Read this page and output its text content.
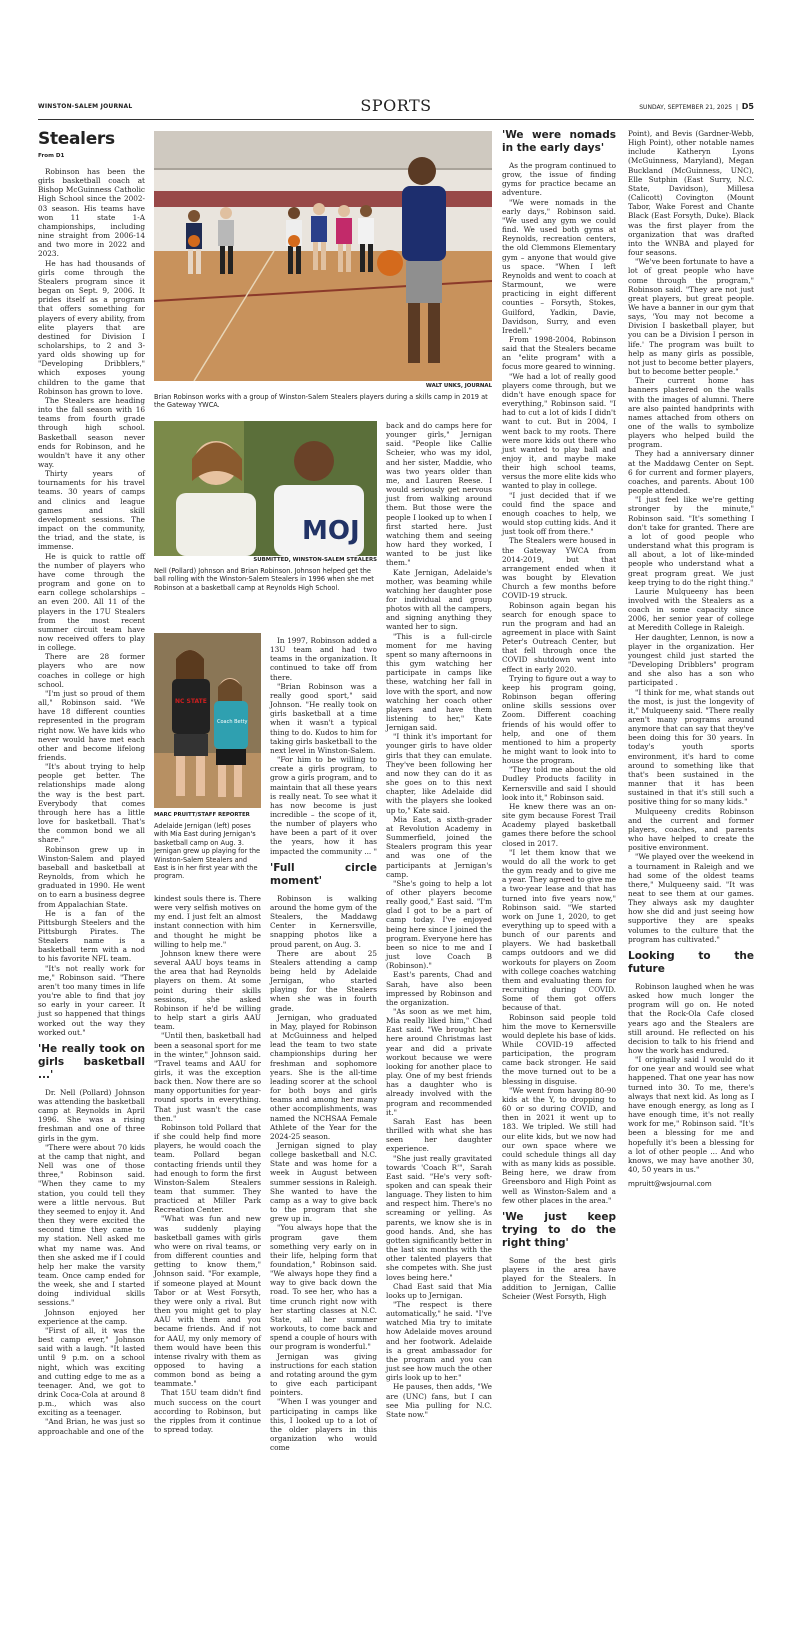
WINSTON-SALEM JOURNAL	SPORTS	SUNDAY, SEPTEMBER 21, 2025  |  D5
Stealers
From D1

Robinson has been the girls basketball coach at Bishop McGuinness Catholic High School since the 2002-03 season. His teams have won 11 state 1-A championships, including nine straight from 2006-14 and two more in 2022 and 2023.

He has had thousands of girls come through the Stealers program since it began on Sept. 9, 2006. It prides itself as a program that offers something for players of every ability, from elite players that are destined for Division I scholarships, to 2 and 3-yard olds showing up for "Developing Dribblers," which exposes young children to the game that Robinson has grown to love.

The Stealers are heading into the fall season with 16 teams from fourth grade through high school. Basketball season never ends for Robinson, and he wouldn't have it any other way.

Thirty years of tournaments for his travel teams. 30 years of camps and clinics and league games and skill development sessions. The impact on the community, the triad, and the state, is immense.

He is quick to rattle off the number of players who have come through the program and gone on to earn college scholarships – an even 200. All 11 of the players in the 17U Stealers from the most recent summer circuit team have now received offers to play in college.

There are 28 former players who are now coaches in college or high school.

"I'm just so proud of them all," Robinson said. "We have 18 different counties represented in the program right now. We have kids who never would have met each other and become lifelong friends.

"It's about trying to help people get better. The relationships made along the way is the best part. Everybody that comes through here has a little love for basketball. That's the common bond we all share."

Robinson grew up in Winston-Salem and played baseball and basketball at Reynolds, from which he graduated in 1990. He went on to earn a business degree from Appalachian State.

He is a fan of the Pittsburgh Steelers and the Pittsburgh Pirates. The Stealers name is a basketball term with a nod to his favorite NFL team.

"It's not really work for me," Robinson said. "There aren't too many times in life you're able to find that joy so early in your career. It just so happened that things worked out the way they worked out."

'He really took on girls basketball ...'

Dr. Nell (Pollard) Johnson was attending the basketball camp at Reynolds in April 1996. She was a rising freshman and one of three girls in the gym.

"There were about 70 kids at the camp that night, and Nell was one of those three," Robinson said. "When they came to my station, you could tell they were a little nervous. But they seemed to enjoy it. And then they were excited the second time they came to my station. Nell asked me what my name was. And then she asked me if I could help her make the varsity team. Once camp ended for the week, she and I started doing individual skills sessions."

Johnson enjoyed her experience at the camp.

"First of all, it was the best camp ever," Johnson said with a laugh. "It lasted until 9 p.m. on a school night, which was exciting and cutting edge to me as a teenager. And, we got to drink Coca-Cola at around 8 p.m., which was also exciting as a teenager.

"And Brian, he was just so approachable and one of the

WALT UNKS, JOURNAL
Brian Robinson works with a group of Winston-Salem Stealers players during a skills camp in 2019 at the Gateway YWCA.
MOJ
SUBMITTED, WINSTON-SALEM STEALERS
Nell (Pollard) Johnson and Brian Robinson. Johnson helped get the ball rolling with the Winston-Salem Stealers in 1996 when she met Robinson at a basketball camp at Reynolds High School.
NC STATE
Coach Betty
MARC PRUITT/STAFF REPORTER
Adelaide Jernigan (left) poses with Mia East during Jernigan's basketball camp on Aug. 3. Jernigan grew up playing for the Winston-Salem Stealers and East is in her first year with the program.

kindest souls there is. There were very selfish motives on my end. I just felt an almost instant connection with him and thought he might be willing to help me."

Johnson knew there were several AAU boys teams in the area that had Reynolds players on them. At some point during their skills sessions, she asked Robinson if he'd be willing to help start a girls AAU team.

"Until then, basketball had been a seasonal sport for me in the winter," Johnson said. "Travel teams and AAU for girls, it was the exception back then. Now there are so many opportunities for year-round sports in everything. That just wasn't the case then."

Robinson told Pollard that if she could help find more players, he would coach the team. Pollard began contacting friends until they had enough to form the first Winston-Salem Stealers team that summer. They practiced at Miller Park Recreation Center.

"What was fun and new was suddenly playing basketball games with girls who were on rival teams, or from different counties and getting to know them," Johnson said. "For example, if someone played at Mount Tabor or at West Forsyth, they were only a rival. But then you might get to play AAU with them and you became friends. And if not for AAU, my only memory of them would have been this intense rivalry with them as opposed to having a common bond as being a teammate."

That 15U team didn't find much success on the court according to Robinson, but the ripples from it continue to spread today.

In 1997, Robinson added a 13U team and had two teams in the organization. It continued to take off from there.

"Brian Robinson was a really good sport," said Johnson. "He really took on girls basketball at a time when it wasn't a typical thing to do. Kudos to him for taking girls basketball to the next level in Winston-Salem.

"For him to be willing to create a girls program, to grow a girls program, and to maintain that all these years is really neat. To see what it has now become is just incredible – the scope of it, the number of players who have been a part of it over the years, how it has impacted the community ... "

'Full circle moment'

Robinson is walking around the home gym of the Stealers, the Maddawg Center in Kernersville, snapping photos like a proud parent, on Aug. 3.

There are about 25 Stealers attending a camp being held by Adelaide Jernigan, who started playing for the Stealers when she was in fourth grade.

Jernigan, who graduated in May, played for Robinson at McGuinness and helped lead the team to two state championships during her freshman and sophomore years. She is the all-time leading scorer at the school for both boys and girls teams and among her many other accomplishments, was named the NCHSAA Female Athlete of the Year for the 2024-25 season.

Jernigan signed to play college basketball and N.C. State and was home for a week in August between summer sessions in Raleigh. She wanted to have the camp as a way to give back to the program that she grew up in.

"You always hope that the program gave them something very early on in their life, helping form that foundation," Robinson said. "We always hope they find a way to give back down the road. To see her, who has a time crunch right now with her starting classes at N.C. State, all her summer workouts, to come back and spend a couple of hours with our program is wonderful."

Jernigan was giving instructions for each station and rotating around the gym to give each participant pointers.

"When I was younger and participating in camps like this, I looked up to a lot of the older players in this organization who would come

back and do camps here for younger girls," Jernigan said. "People like Callie Scheier, who was my idol, and her sister, Maddie, who was two years older than me, and Lauren Reese. I would seriously get nervous just from walking around them. But those were the people I looked up to when I first started here. Just watching them and seeing how hard they worked, I wanted to be just like them."

Kate Jernigan, Adelaide's mother, was beaming while watching her daughter pose for individual and group photos with all the campers, and signing anything they wanted her to sign.

"This is a full-circle moment for me having spent so many afternoons in this gym watching her participate in camps like these, watching her fall in love with the sport, and now watching her coach other players and have them listening to her," Kate Jernigan said.

"I think it's important for younger girls to have older girls that they can emulate. They've been following her and now they can do it as she goes on to this next chapter, like Adelaide did with the players she looked up to," Kate said.

Mia East, a sixth-grader at Revolution Academy in Summerfield, joined the Stealers program this year and was one of the participants at Jernigan's camp.

"She's going to help a lot of other players become really good," East said. "I'm glad I got to be a part of camp today. I've enjoyed being here since I joined the program. Everyone here has been so nice to me and I just love Coach B (Robinson)."

East's parents, Chad and Sarah, have also been impressed by Robinson and the organization.

"As soon as we met him, Mia really liked him," Chad East said. "We brought her here around Christmas last year and did a private workout because we were looking for another place to play. One of my best friends has a daughter who is already involved with the program and recommended it."

Sarah East has been thrilled with what she has seen her daughter experience.

"She just really gravitated towards 'Coach R'", Sarah East said. "He's very soft-spoken and can speak their language. They listen to him and respect him. There's no screaming or yelling. As parents, we know she is in good hands. And, she has gotten significantly better in the last six months with the other talented players that she competes with. She just loves being here."

Chad East said that Mia looks up to Jernigan.

"The respect is there automatically," he said. "I've watched Mia try to imitate how Adelaide moves around and her footwork. Adelaide is a great ambassador for the program and you can just see how much the other girls look up to her."

He pauses, then adds, "We are (UNC) fans, but I can see Mia pulling for N.C. State now."

'We were nomads in the early days'

As the program continued to grow, the issue of finding gyms for practice became an adventure.

"We were nomads in the early days," Robinson said. "We used any gym we could find. We used both gyms at Reynolds, recreation centers, the old Clemmons Elementary gym – anyone that would give us space. "When I left Reynolds and went to coach at Starmount, we were practicing in eight different counties – Forsyth, Stokes, Guilford, Yadkin, Davie, Davidson, Surry, and even Iredell."

From 1998-2004, Robinson said that the Stealers became an "elite program" with a focus more geared to winning.

"We had a lot of really good players come through, but we didn't have enough space for everything," Robinson said. "I had to cut a lot of kids I didn't want to cut. But in 2004, I went back to my roots. There were more kids out there who just wanted to play ball and enjoy it, and maybe make their high school teams, versus the more elite kids who wanted to play in college.

"I just decided that if we could find the space and enough coaches to help, we would stop cutting kids. And it just took off from there."

The Stealers were housed in the Gateway YWCA from 2014-2019, but that arrangement ended when it was bought by Elevation Church a few months before COVID-19 struck.

Robinson again began his search for enough space to run the program and had an agreement in place with Saint Peter's Outreach Center, but that fell through once the COVID shutdown went into effect in early 2020.

Trying to figure out a way to keep his program going, Robinson began offering online skills sessions over Zoom. Different coaching friends of his would offer to help, and one of them mentioned to him a property he might want to look into to house the program.

"They told me about the old Dudley Products facility in Kernersville and said I should look into it," Robinson said.

He knew there was an on-site gym because Forest Trail Academy played basketball games there before the school closed in 2017.

"I let them know that we would do all the work to get the gym ready and to give me a year. They agreed to give me a two-year lease and that has turned into five years now," Robinson said. "We started work on June 1, 2020, to get everything up to speed with a bunch of our parents and players. We had basketball camps outdoors and we did workouts for players on Zoom with college coaches watching them and evaluating them for recruiting during COVID. Some of them got offers because of that.

Robinson said people told him the move to Kernersville would deplete his base of kids. While COVID-19 affected participation, the program came back stronger. He said the move turned out to be a blessing in disguise.

"We went from having 80-90 kids at the Y, to dropping to 60 or so during COVID, and then in 2021 it went up to 183. We tripled. We still had our elite kids, but we now had our own space where we could schedule things all day with as many kids as possible. Being here, we draw from Greensboro and High Point as well as Winston-Salem and a few other places in the area."

'We just keep trying to do the right thing'

Some of the best girls players in the area have played for the Stealers. In addition to Jernigan, Callie Scheier (West Forsyth, High

Point), and Bevis (Gardner-Webb, High Point), other notable names include Katheryn Lyons (McGuinness, Maryland), Megan Buckland (McGuinness, UNC), Elle Sutphin (East Surry, N.C. State, Davidson), Millesa (Calicott) Covington (Mount Tabor, Wake Forest and Chante Black (East Forsyth, Duke). Black was the first player from the organization that was drafted into the WNBA and played for four seasons.

"We've been fortunate to have a lot of great people who have come through the program," Robinson said. "They are not just great players, but great people. We have a banner in our gym that says, 'You may not become a Division I basketball player, but you can be a Division I person in life.' The program was built to help as many girls as possible, not just to become better players, but to become better people."

Their current home has banners plastered on the walls with the images of alumni. There are also painted handprints with names attached from others on one of the walls to symbolize players who helped build the program.

They had a anniversary dinner at the Maddawg Center on Sept. 6 for current and former players, coaches, and parents. About 100 people attended.

"I just feel like we're getting stronger by the minute," Robinson said. "It's something I don't take for granted. There are a lot of good people who understand what this program is all about, a lot of like-minded people who understand what a great program great. We just keep trying to do the right thing."

Laurie Mulqueeny has been involved with the Stealers as a coach in some capacity since 2006, her senior year of college at Meredith College in Raleigh.

Her daughter, Lennon, is now a player in the organization. Her youngest child just started the "Developing Dribblers" program and she also has a son who participated .

"I think for me, what stands out the most, is just the longevity of it," Mulqueeny said. "There really aren't many programs around anymore that can say that they've been doing this for 30 years. In today's youth sports environment, it's hard to come around to something like that that's been sustained in the manner that it has been sustained in that it's still such a positive thing for so many kids."

Mulqueeny credits Robinson and the current and former players, coaches, and parents who have helped to create the positive environment.

"We played over the weekend in a tournament in Raleigh and we had some of the oldest teams there," Mulqueeny said. "It was neat to see them at our games. They always ask my daughter how she did and just seeing how supportive they are speaks volumes to the culture that the program has cultivated."

Looking to the future

Robinson laughed when he was asked how much longer the program will go on. He noted that the Rock-Ola Cafe closed years ago and the Stealers are still around. He reflected on his decision to talk to his friend and how the work has endured.

"I originally said I would do it for one year and would see what happened. That one year has now turned into 30. To me, there's always that next kid. As long as I have enough energy, as long as I have enough time, it's not really work for me," Robinson said. "It's been a blessing for me and hopefully it's been a blessing for a lot of other people ... And who knows, we may have another 30, 40, 50 years in us."

mpruitt@wsjournal.com
